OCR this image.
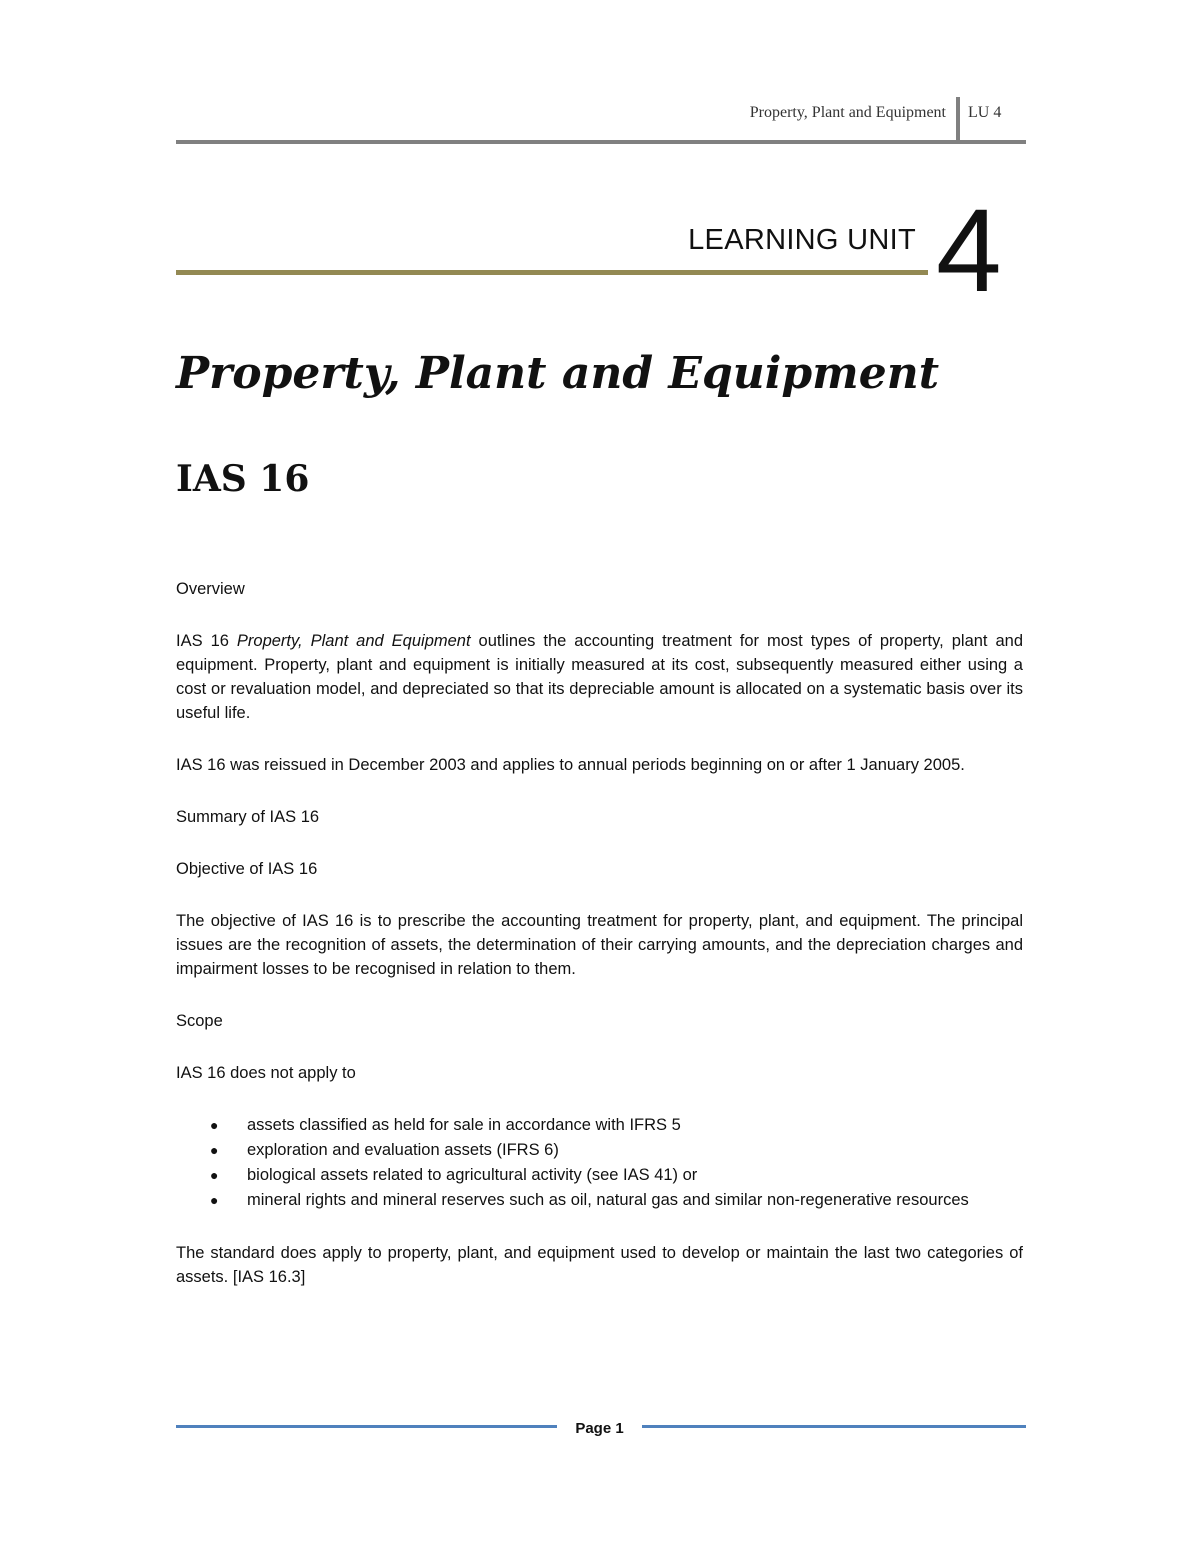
Property, Plant and Equipment LU 4
LEARNING UNIT 4
Property, Plant and Equipment
IAS 16

Overview

IAS 16 Property, Plant and Equipment outlines the accounting treatment for most types of property, plant and equipment. Property, plant and equipment is initially measured at its cost, subsequently measured either using a cost or revaluation model, and depreciated so that its depreciable amount is allocated on a systematic basis over its useful life.

IAS 16 was reissued in December 2003 and applies to annual periods beginning on or after 1 January 2005.

Summary of IAS 16

Objective of IAS 16

The objective of IAS 16 is to prescribe the accounting treatment for property, plant, and equipment. The principal issues are the recognition of assets, the determination of their carrying amounts, and the depreciation charges and impairment losses to be recognised in relation to them.

Scope

IAS 16 does not apply to

● assets classified as held for sale in accordance with IFRS 5
● exploration and evaluation assets (IFRS 6)
● biological assets related to agricultural activity (see IAS 41) or
● mineral rights and mineral reserves such as oil, natural gas and similar non-regenerative resources

The standard does apply to property, plant, and equipment used to develop or maintain the last two categories of assets. [IAS 16.3]

Page 1
